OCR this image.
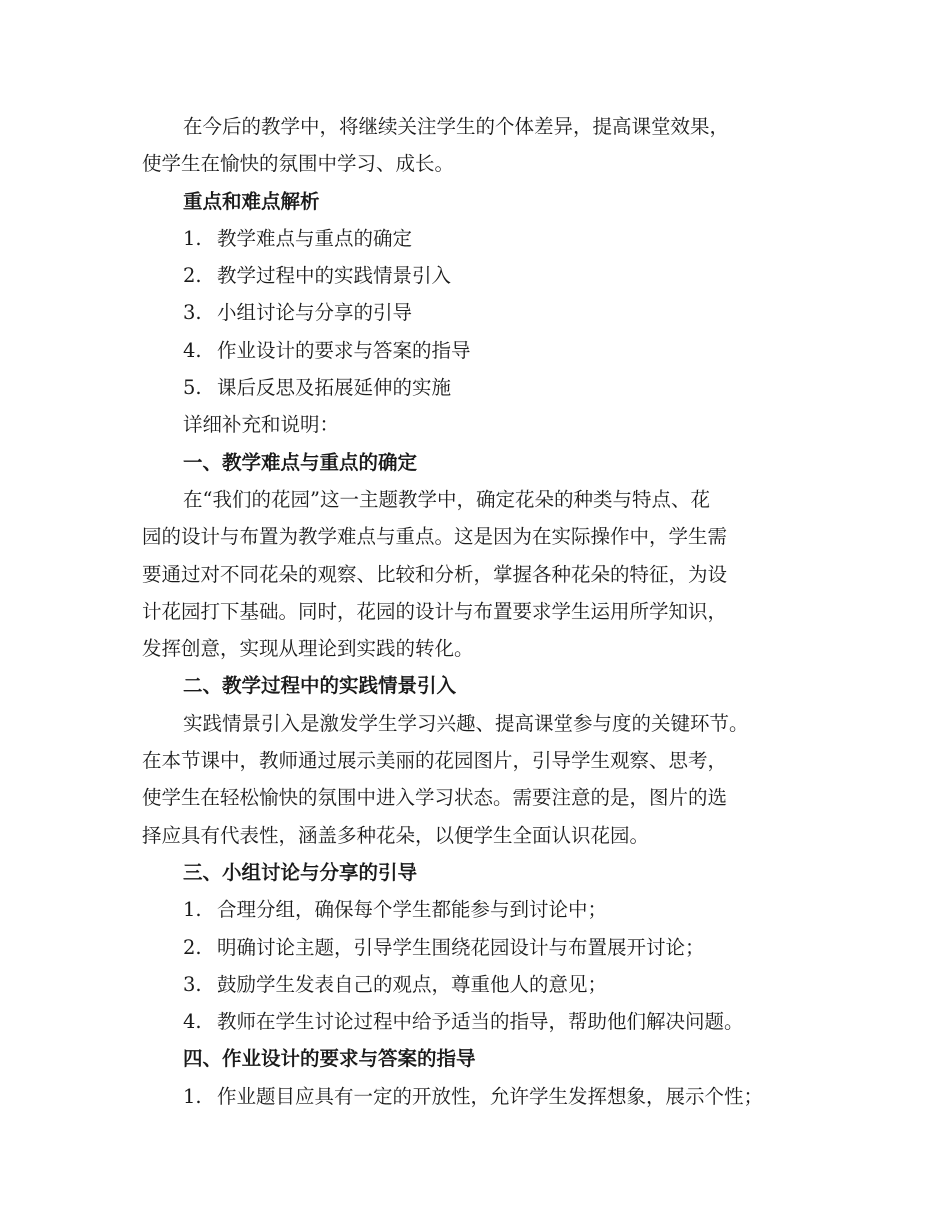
在今后的教学中，将继续关注学生的个体差异，提高课堂效果，
使学生在愉快的氛围中学习、成长。
重点和难点解析
1. 教学难点与重点的确定
2. 教学过程中的实践情景引入
3. 小组讨论与分享的引导
4. 作业设计的要求与答案的指导
5. 课后反思及拓展延伸的实施
详细补充和说明：
一、教学难点与重点的确定
在“我们的花园”这一主题教学中，确定花朵的种类与特点、花
园的设计与布置为教学难点与重点。这是因为在实际操作中，学生需
要通过对不同花朵的观察、比较和分析，掌握各种花朵的特征，为设
计花园打下基础。同时，花园的设计与布置要求学生运用所学知识，
发挥创意，实现从理论到实践的转化。
二、教学过程中的实践情景引入
实践情景引入是激发学生学习兴趣、提高课堂参与度的关键环节。
在本节课中，教师通过展示美丽的花园图片，引导学生观察、思考，
使学生在轻松愉快的氛围中进入学习状态。需要注意的是，图片的选
择应具有代表性，涵盖多种花朵，以便学生全面认识花园。
三、小组讨论与分享的引导
1. 合理分组，确保每个学生都能参与到讨论中；
2. 明确讨论主题，引导学生围绕花园设计与布置展开讨论；
3. 鼓励学生发表自己的观点，尊重他人的意见；
4. 教师在学生讨论过程中给予适当的指导，帮助他们解决问题。
四、作业设计的要求与答案的指导
1. 作业题目应具有一定的开放性，允许学生发挥想象，展示个性；
